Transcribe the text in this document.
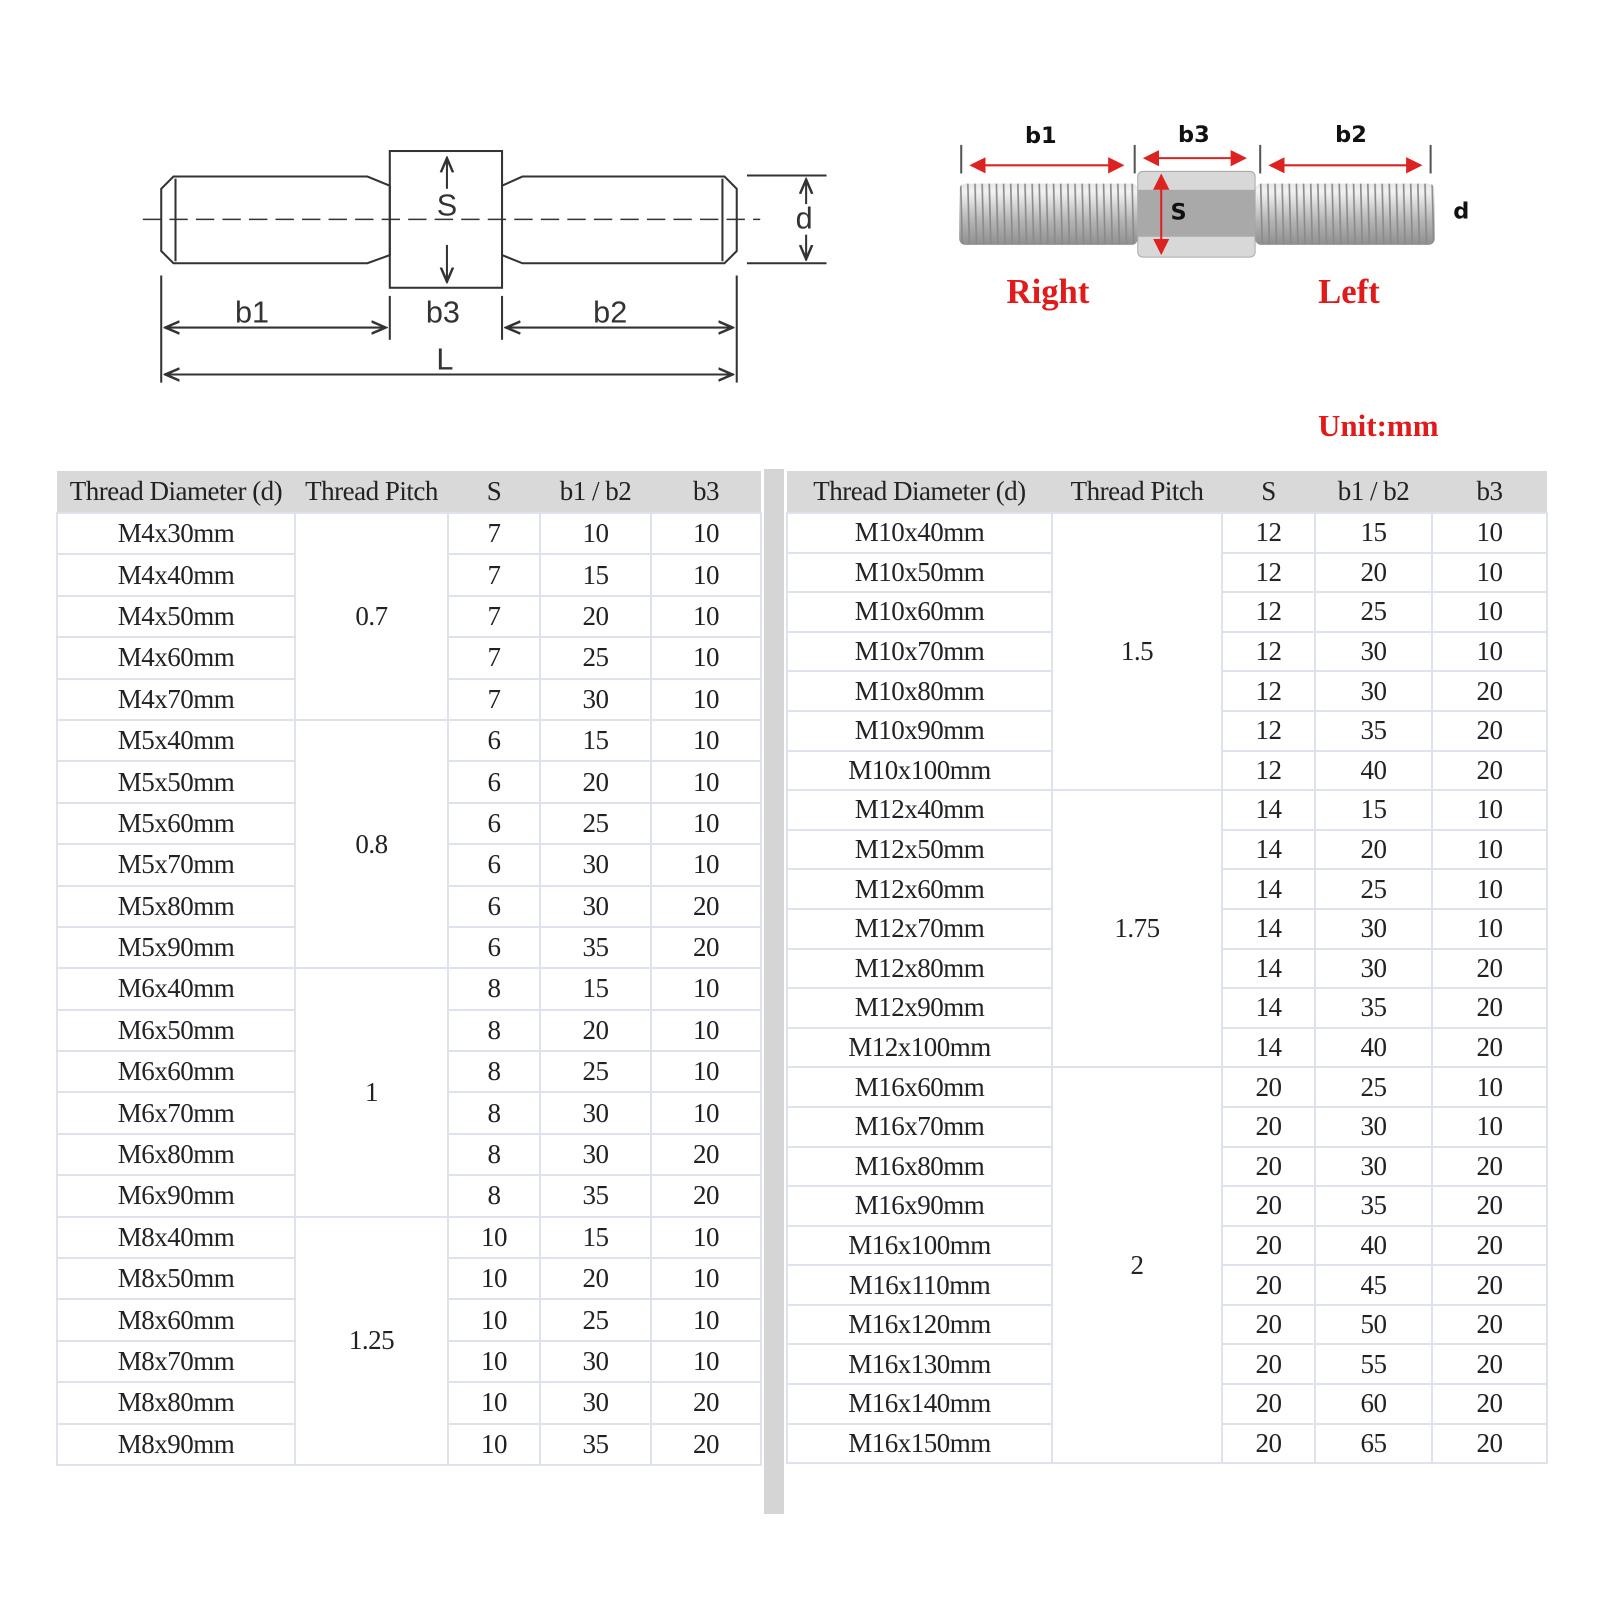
S	d
b1	b3	b2
L
b1	b3	b2
S	d
Right	Left
Unit:mm
Thread Diameter (d)	Thread Pitch	S	b1 / b2	b3
M4x30mm	0.7	7	10	10
M4x40mm		7	15	10
M4x50mm		7	20	10
M4x60mm		7	25	10
M4x70mm		7	30	10
M5x40mm	0.8	6	15	10
M5x50mm		6	20	10
M5x60mm		6	25	10
M5x70mm		6	30	10
M5x80mm		6	30	20
M5x90mm		6	35	20
M6x40mm	1	8	15	10
M6x50mm		8	20	10
M6x60mm		8	25	10
M6x70mm		8	30	10
M6x80mm		8	30	20
M6x90mm		8	35	20
M8x40mm	1.25	10	15	10
M8x50mm		10	20	10
M8x60mm		10	25	10
M8x70mm		10	30	10
M8x80mm		10	30	20
M8x90mm		10	35	20
Thread Diameter (d)	Thread Pitch	S	b1 / b2	b3
M10x40mm	1.5	12	15	10
M10x50mm		12	20	10
M10x60mm		12	25	10
M10x70mm		12	30	10
M10x80mm		12	30	20
M10x90mm		12	35	20
M10x100mm		12	40	20
M12x40mm	1.75	14	15	10
M12x50mm		14	20	10
M12x60mm		14	25	10
M12x70mm		14	30	10
M12x80mm		14	30	20
M12x90mm		14	35	20
M12x100mm		14	40	20
M16x60mm	2	20	25	10
M16x70mm		20	30	10
M16x80mm		20	30	20
M16x90mm		20	35	20
M16x100mm		20	40	20
M16x110mm		20	45	20
M16x120mm		20	50	20
M16x130mm		20	55	20
M16x140mm		20	60	20
M16x150mm		20	65	20
